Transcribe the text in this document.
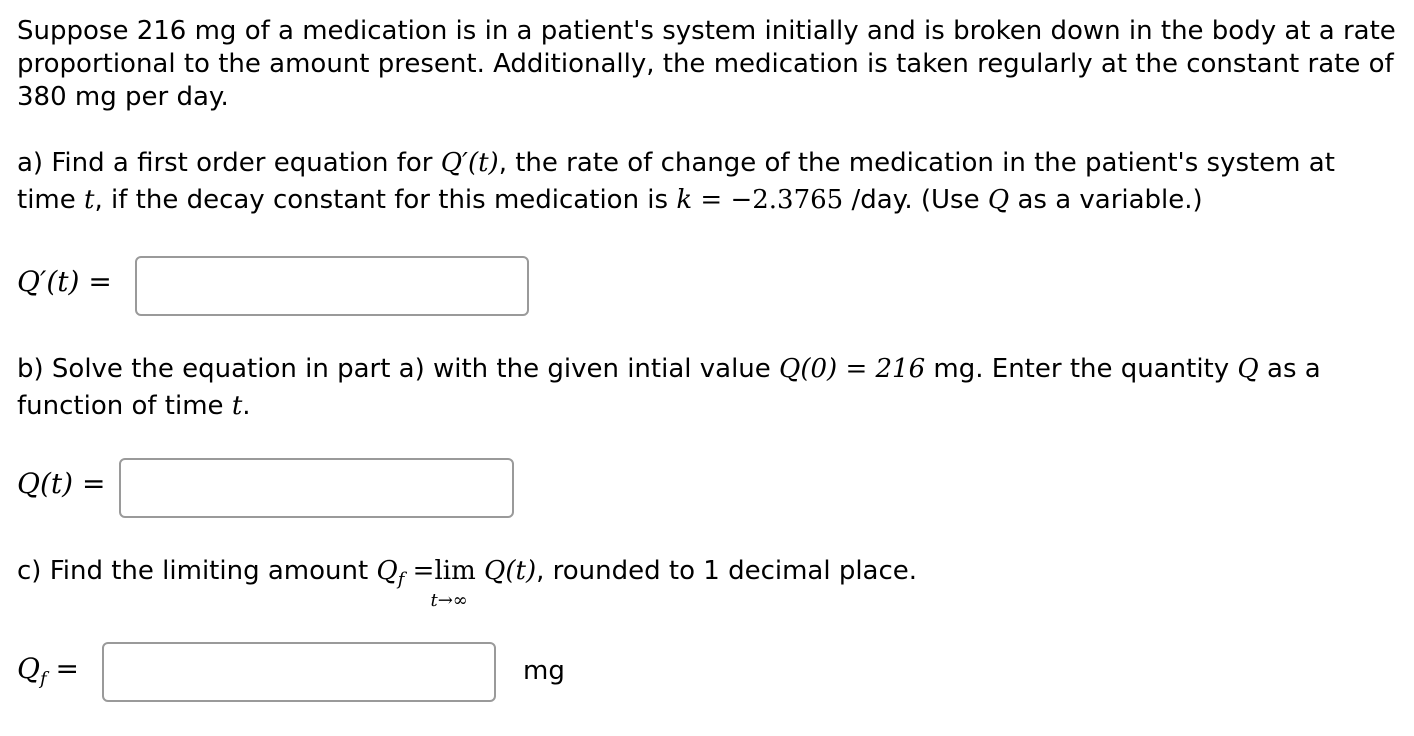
Suppose 216 mg of a medication is in a patient's system initially and is broken down in the body at a rate
proportional to the amount present. Additionally, the medication is taken regularly at the constant rate of
380 mg per day.
a) Find a first order equation for Q′(t), the rate of change of the medication in the patient's system at
time t, if the decay constant for this medication is k = −2.3765 /day. (Use Q as a variable.)
Q′(t) =
b) Solve the equation in part a) with the given intial value Q(0) = 216 mg. Enter the quantity Q as a
function of time t.
Q(t) =
c) Find the limiting amount $Q_f =\lim$
t→∞
Q(t), rounded to 1 decimal place.
$Q_f$ =	mg
